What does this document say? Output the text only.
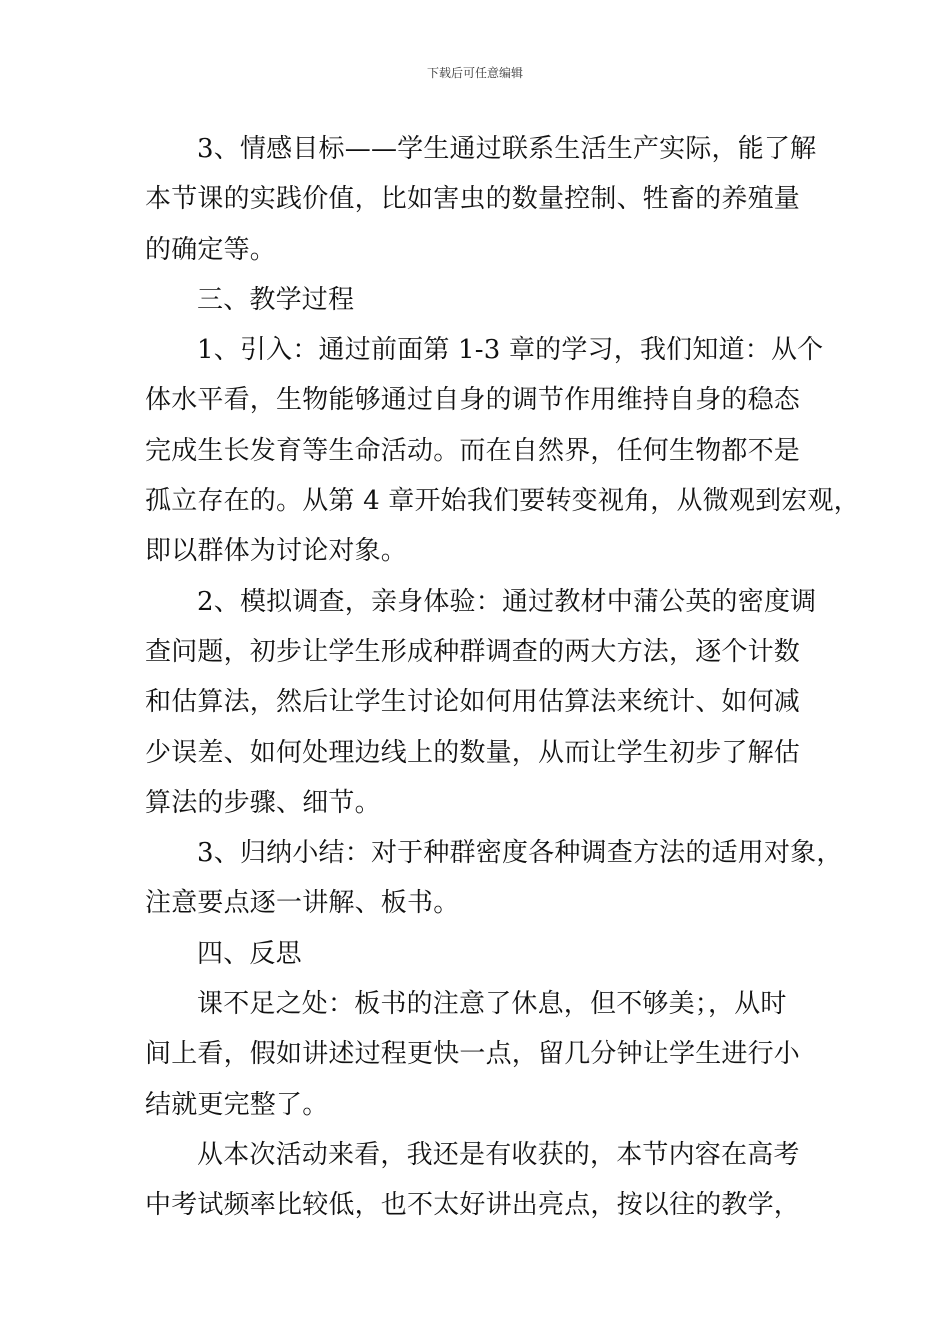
下载后可任意编辑

3、情感目标——学生通过联系生活生产实际，能了解

本节课的实践价值，比如害虫的数量控制、牲畜的养殖量

的确定等。

三、教学过程

1、引入：通过前面第 1-3 章的学习，我们知道：从个

体水平看，生物能够通过自身的调节作用维持自身的稳态

完成生长发育等生命活动。而在自然界，任何生物都不是

孤立存在的。从第 4 章开始我们要转变视角，从微观到宏观，

即以群体为讨论对象。

2、模拟调查，亲身体验：通过教材中蒲公英的密度调

查问题，初步让学生形成种群调查的两大方法，逐个计数

和估算法，然后让学生讨论如何用估算法来统计、如何减

少误差、如何处理边线上的数量，从而让学生初步了解估

算法的步骤、细节。

3、归纳小结：对于种群密度各种调查方法的适用对象，

注意要点逐一讲解、板书。

四、反思

课不足之处：板书的注意了休息，但不够美；，从时

间上看，假如讲述过程更快一点，留几分钟让学生进行小

结就更完整了。

从本次活动来看，我还是有收获的，本节内容在高考

中考试频率比较低，也不太好讲出亮点，按以往的教学，
